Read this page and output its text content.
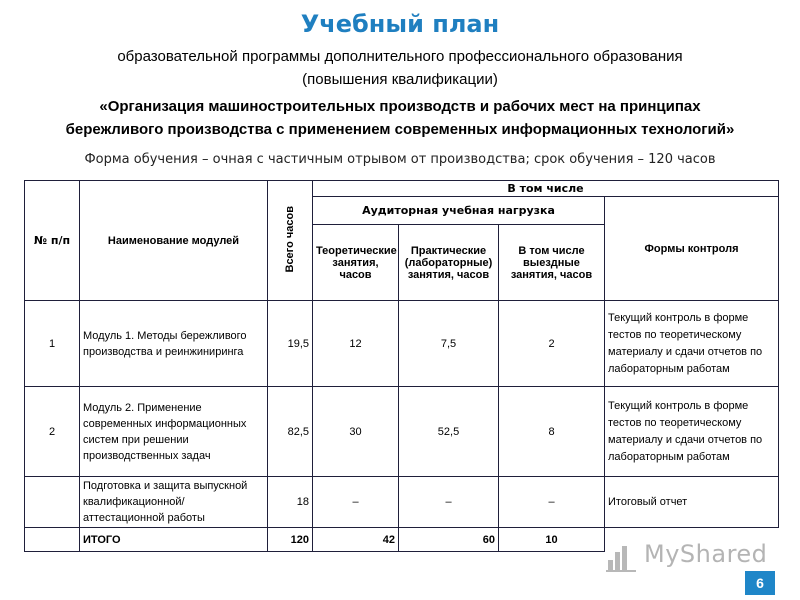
Учебный план
образовательной программы дополнительного профессионального образования
(повышения квалификации)
«Организация машиностроительных производств и рабочих мест на принципах
бережливого производства с применением современных информационных технологий»
Форма обучения – очная с частичным отрывом от производства; срок обучения – 120 часов
№ п/п	Наименование модулей	Всего часов	В том числе			
			Аудиторная учебная нагрузка			Формы контроля
			Теоретические занятия, часов	Практические (лабораторные) занятия, часов	В том числе выездные занятия, часов	
1	Модуль 1. Методы бережливого производства и реинжиниринга	19,5	12	7,5	2	Текущий контроль в форме тестов по теоретическому материалу и сдачи отчетов по лабораторным работам
2	Модуль 2. Применение современных информационных систем при решении производственных задач	82,5	30	52,5	8	Текущий контроль в форме тестов по теоретическому материалу и сдачи отчетов по лабораторным работам
	Подготовка и защита выпускной квалификационной/ аттестационной работы	18	–	–	–	Итоговый отчет
	ИТОГО	120	42	60	10	
MyShared
6
